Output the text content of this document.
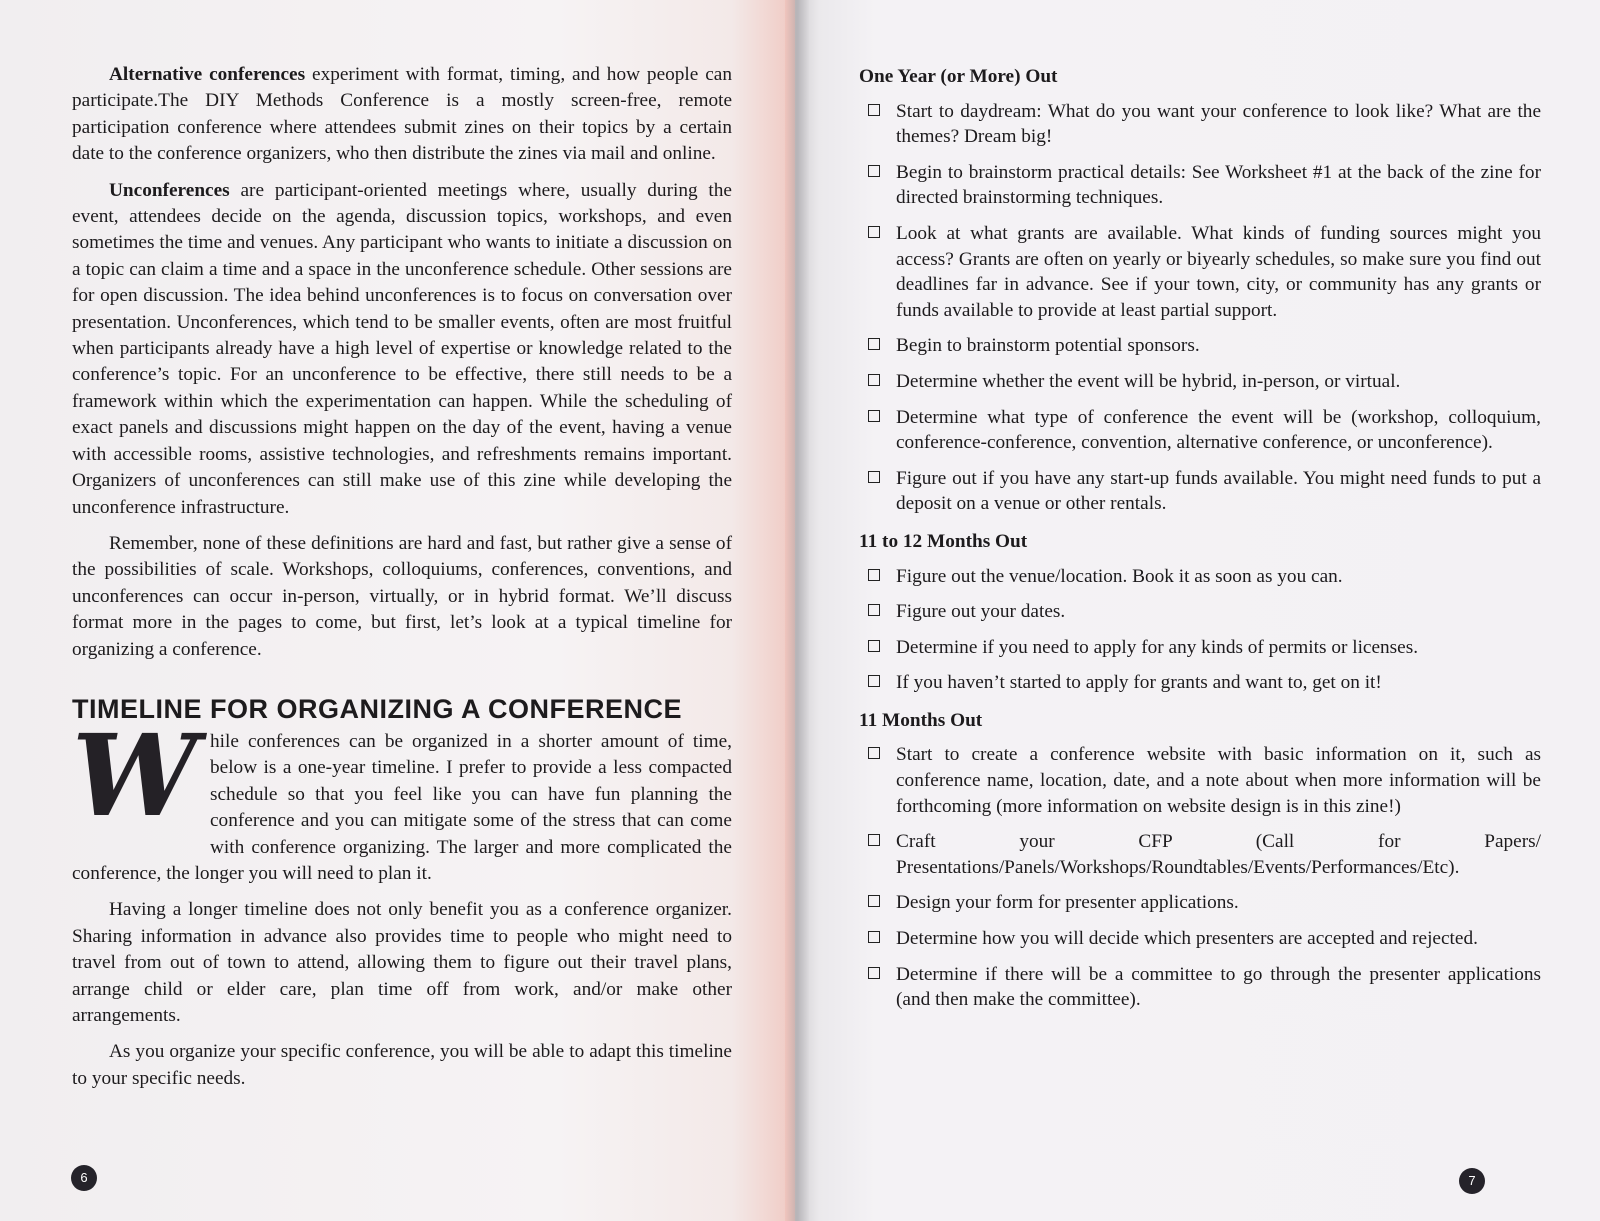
Alternative conferences experiment with format, timing, and how people can participate.The DIY Methods Conference is a mostly screen-free, remote participation conference where attendees submit zines on their topics by a certain date to the conference organizers, who then distribute the zines via mail and online.

Unconferences are participant-oriented meetings where, usually during the event, attendees decide on the agenda, discussion topics, workshops, and even sometimes the time and venues. Any participant who wants to initiate a discussion on a topic can claim a time and a space in the unconference schedule. Other sessions are for open discussion. The idea behind unconferences is to focus on conversation over presentation. Unconferences, which tend to be smaller events, often are most fruitful when participants already have a high level of expertise or knowledge related to the conference’s topic. For an unconference to be effective, there still needs to be a framework within which the experimentation can happen. While the scheduling of exact panels and discussions might happen on the day of the event, having a venue with accessible rooms, assistive technologies, and refreshments remains important. Organizers of unconferences can still make use of this zine while developing the unconference infrastructure.

Remember, none of these definitions are hard and fast, but rather give a sense of the possibilities of scale. Workshops, colloquiums, conferences, conventions, and unconferences can occur in-person, virtually, or in hybrid format. We’ll discuss format more in the pages to come, but first, let’s look at a typical timeline for organizing a conference.

TIMELINE FOR ORGANIZING A CONFERENCE

While conferences can be organized in a shorter amount of time, below is a one-year timeline. I prefer to provide a less compacted schedule so that you feel like you can have fun planning the conference and you can mitigate some of the stress that can come with conference organizing. The larger and more complicated the conference, the longer you will need to plan it.

Having a longer timeline does not only benefit you as a conference organizer. Sharing information in advance also provides time to people who might need to travel from out of town to attend, allowing them to figure out their travel plans, arrange child or elder care, plan time off from work, and/or make other arrangements.

As you organize your specific conference, you will be able to adapt this timeline to your specific needs.

6
One Year (or More) Out
Start to daydream: What do you want your conference to look like? What are the themes? Dream big!
Begin to brainstorm practical details: See Worksheet #1 at the back of the zine for directed brainstorming techniques.
Look at what grants are available. What kinds of funding sources might you access? Grants are often on yearly or biyearly schedules, so make sure you find out deadlines far in advance. See if your town, city, or community has any grants or funds available to provide at least partial support.
Begin to brainstorm potential sponsors.
Determine whether the event will be hybrid, in-person, or virtual.
Determine what type of conference the event will be (workshop, colloquium, conference-conference, convention, alternative conference, or unconference).
Figure out if you have any start-up funds available. You might need funds to put a deposit on a venue or other rentals.
11 to 12 Months Out
Figure out the venue/location. Book it as soon as you can.
Figure out your dates.
Determine if you need to apply for any kinds of permits or licenses.
If you haven’t started to apply for grants and want to, get on it!
11 Months Out
Start to create a conference website with basic information on it, such as conference name, location, date, and a note about when more information will be forthcoming (more information on website design is in this zine!)
Craft your CFP (Call for Papers/ Presentations/Panels/Workshops/Roundtables/Events/Performances/Etc).
Design your form for presenter applications.
Determine how you will decide which presenters are accepted and rejected.
Determine if there will be a committee to go through the presenter applications (and then make the committee).
7
